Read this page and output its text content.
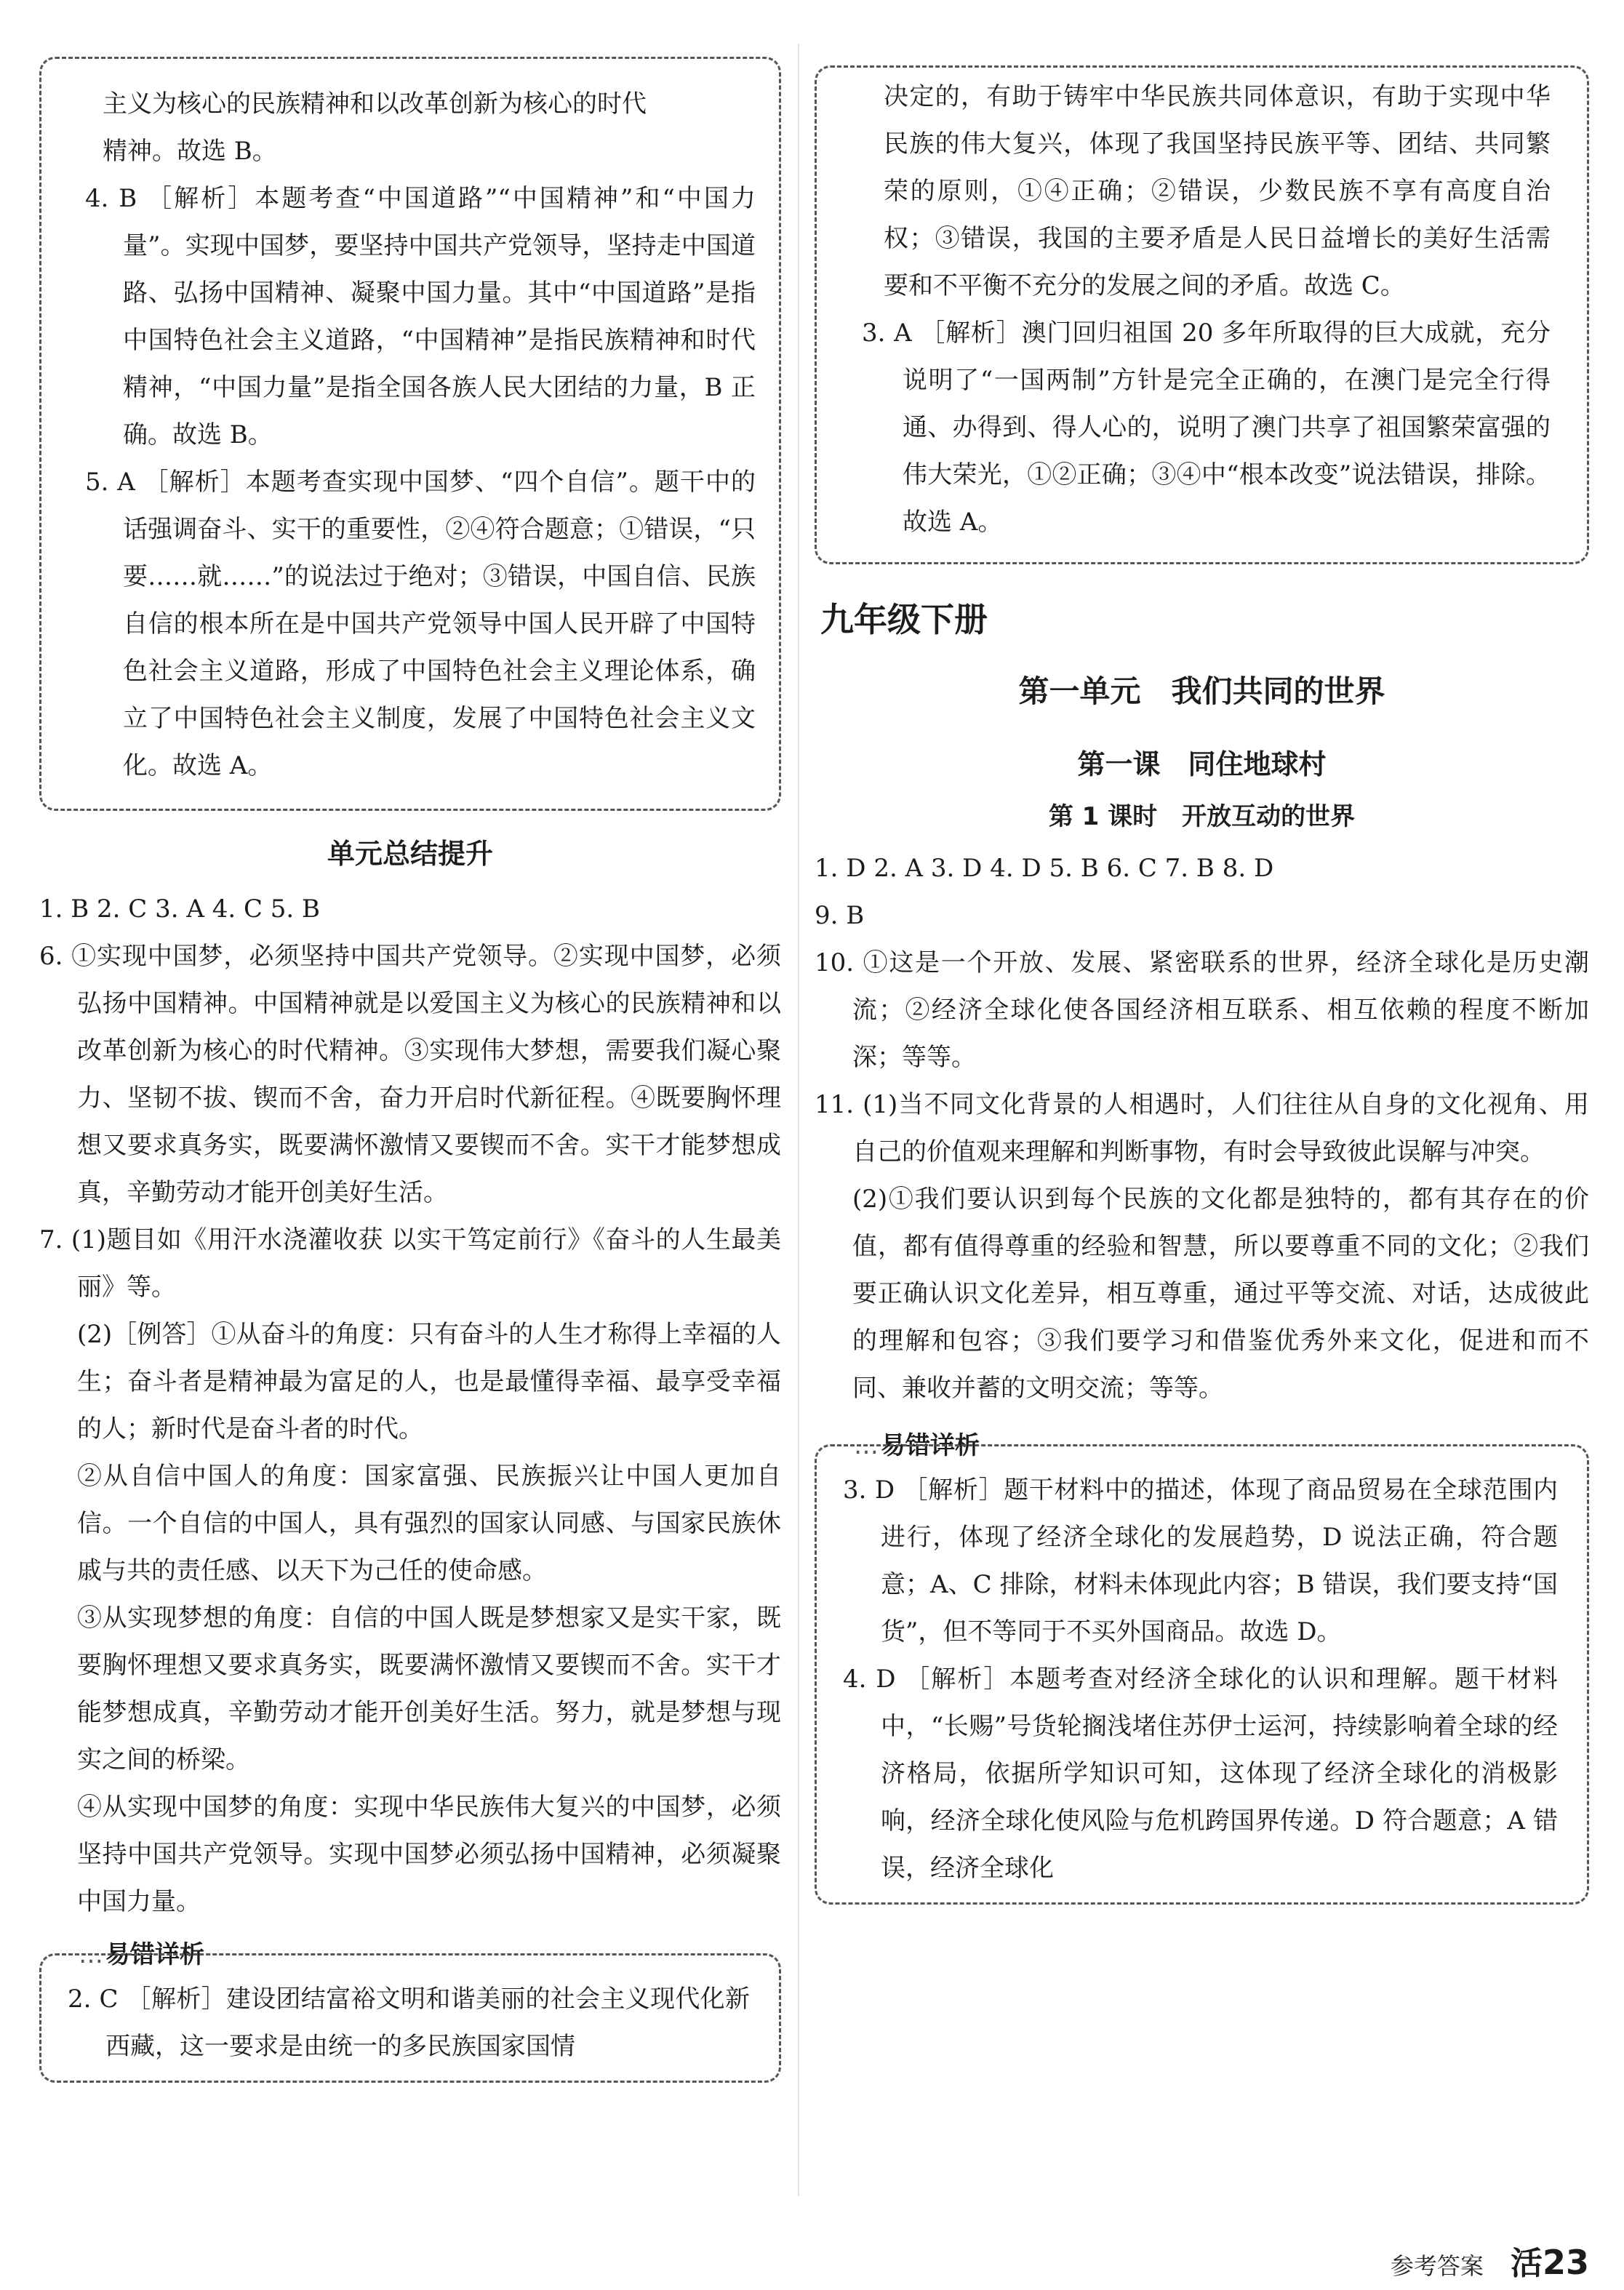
主义为核心的民族精神和以改革创新为核心的时代

精神。故选 B。

4. B ［解析］本题考查“中国道路”“中国精神”和“中国力量”。实现中国梦，要坚持中国共产党领导，坚持走中国道路、弘扬中国精神、凝聚中国力量。其中“中国道路”是指中国特色社会主义道路，“中国精神”是指民族精神和时代精神，“中国力量”是指全国各族人民大团结的力量，B 正确。故选 B。

5. A ［解析］本题考查实现中国梦、“四个自信”。题干中的话强调奋斗、实干的重要性，②④符合题意；①错误，“只要……就……”的说法过于绝对；③错误，中国自信、民族自信的根本所在是中国共产党领导中国人民开辟了中国特色社会主义道路，形成了中国特色社会主义理论体系，确立了中国特色社会主义制度，发展了中国特色社会主义文化。故选 A。

单元总结提升

1. B 2. C 3. A 4. C 5. B

6. ①实现中国梦，必须坚持中国共产党领导。②实现中国梦，必须弘扬中国精神。中国精神就是以爱国主义为核心的民族精神和以改革创新为核心的时代精神。③实现伟大梦想，需要我们凝心聚力、坚韧不拔、锲而不舍，奋力开启时代新征程。④既要胸怀理想又要求真务实，既要满怀激情又要锲而不舍。实干才能梦想成真，辛勤劳动才能开创美好生活。

7. (1)题目如《用汗水浇灌收获 以实干笃定前行》《奋斗的人生最美丽》等。

(2)［例答］①从奋斗的角度：只有奋斗的人生才称得上幸福的人生；奋斗者是精神最为富足的人，也是最懂得幸福、最享受幸福的人；新时代是奋斗者的时代。

②从自信中国人的角度：国家富强、民族振兴让中国人更加自信。一个自信的中国人，具有强烈的国家认同感、与国家民族休戚与共的责任感、以天下为己任的使命感。

③从实现梦想的角度：自信的中国人既是梦想家又是实干家，既要胸怀理想又要求真务实，既要满怀激情又要锲而不舍。实干才能梦想成真，辛勤劳动才能开创美好生活。努力，就是梦想与现实之间的桥梁。

④从实现中国梦的角度：实现中华民族伟大复兴的中国梦，必须坚持中国共产党领导。实现中国梦必须弘扬中国精神，必须凝聚中国力量。

…易错详析

2. C ［解析］建设团结富裕文明和谐美丽的社会主义现代化新西藏，这一要求是由统一的多民族国家国情

决定的，有助于铸牢中华民族共同体意识，有助于实现中华民族的伟大复兴，体现了我国坚持民族平等、团结、共同繁荣的原则，①④正确；②错误，少数民族不享有高度自治权；③错误，我国的主要矛盾是人民日益增长的美好生活需要和不平衡不充分的发展之间的矛盾。故选 C。

3. A ［解析］澳门回归祖国 20 多年所取得的巨大成就，充分说明了“一国两制”方针是完全正确的，在澳门是完全行得通、办得到、得人心的，说明了澳门共享了祖国繁荣富强的伟大荣光，①②正确；③④中“根本改变”说法错误，排除。故选 A。

九年级下册
第一单元　我们共同的世界
第一课　同住地球村
第 1 课时　开放互动的世界

1. D 2. A 3. D 4. D 5. B 6. C 7. B 8. D

9. B

10. ①这是一个开放、发展、紧密联系的世界，经济全球化是历史潮流；②经济全球化使各国经济相互联系、相互依赖的程度不断加深；等等。

11. (1)当不同文化背景的人相遇时，人们往往从自身的文化视角、用自己的价值观来理解和判断事物，有时会导致彼此误解与冲突。

(2)①我们要认识到每个民族的文化都是独特的，都有其存在的价值，都有值得尊重的经验和智慧，所以要尊重不同的文化；②我们要正确认识文化差异，相互尊重，通过平等交流、对话，达成彼此的理解和包容；③我们要学习和借鉴优秀外来文化，促进和而不同、兼收并蓄的文明交流；等等。

…易错详析

3. D ［解析］题干材料中的描述，体现了商品贸易在全球范围内进行，体现了经济全球化的发展趋势，D 说法正确，符合题意；A、C 排除，材料未体现此内容；B 错误，我们要支持“国货”，但不等同于不买外国商品。故选 D。

4. D ［解析］本题考查对经济全球化的认识和理解。题干材料中，“长赐”号货轮搁浅堵住苏伊士运河，持续影响着全球的经济格局，依据所学知识可知，这体现了经济全球化的消极影响，经济全球化使风险与危机跨国界传递。D 符合题意；A 错误，经济全球化

参考答案 活23
